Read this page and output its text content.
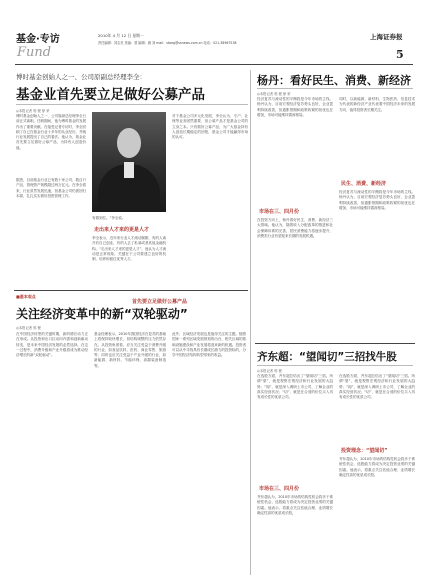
基金·专访
Fund
2010年 4 月 12 日 星期一
责任编辑：刘志亮 美编：曾 编辑：顾 刘 mail：stoeg@ssnews.com.cn 电话：021-38967538
上海证券报
5
博时基金创始人之一、公司原副总经理李全：
基金业首先要立足做好公募产品
◎本报记者 郭 俊 徐 荣
博时基金创始人之一、公司原副总经理李全日前正式离职。任职期间，他为博时基金的发展作出了重要贡献。在接受记者专访时，李全回顾了自己在基金行业十多年的从业经历，并就行业发展提出了自己的看法。他认为，基金业首先要立足做好公募产品，为持有人创造价值。
据悉，目前基金行业已有数十家公司、数百只产品，管理资产规模超过两万亿元。在李全看来，行业虽然发展迅速，但基金公司仍需回归本源，扎扎实实做好投资管理工作。
有做到位。”李全说。
走出来人才来的更是人才
李全表示，近年来行业人才流动频繁，有的人离开后自己创业，有的人去了私募或者其他金融机构。“走出来人才来的更是人才”，他认为人才流动是正常现象，关键在于公司要建立良好的机制，培养和留住优秀人才。
对于基金公司多元化发展，李全认为，专户、社保等业务固然重要，但公募产品才是基金公司的立身之本。只有做好公募产品，为广大基金持有人创造长期稳定的回报，基金公司才能赢得市场的认可。
首先要立足做好公募产品
■基本观点
关注经济变革中的新“双轮驱动”
◎本报记者 郭 俊
在中国经济转型的关键时期，新的增长动力正在形成。从投资和出口拉动向内需和创新驱动转变，是未来中国经济发展的必然选择。在这一过程中，消费升级和产业升级将成为推动经济增长的新“双轮驱动”。
基金经理表示，2010年我国经济在复苏的基础上将保持较快增长，但结构调整的压力依然存在。从投资角度看，应当关注受益于消费升级的行业，如食品饮料、医药、商业零售、旅游等；同时也应关注受益于产业升级的行业，如新能源、新材料、节能环保、高端装备制造等。
此外，区域经济发展也是值得关注的主题。随着国家一系列区域发展规划的出台，相关区域的基础设施建设和产业发展将迎来新的机遇。投资者可以从中寻找具有长期成长潜力的投资标的，分享中国经济结构转型带来的收益。
杨丹：看好民生、消费、新经济
◎本报记者 郭 俊 徐 荣
经济复苏与流动性的平衡将是今年市场的主线。杨丹认为，目前宏观经济复苏势头良好，企业盈利持续改善，但通胀预期和政策收紧的担忧也在增加，市场可能维持震荡格局。
市场在三、四月份
在投资方向上，杨丹看好民生、消费、新经济三大领域。他认为，随着收入分配改革的推进和社会保障体系的完善，居民消费能力将逐步提升，消费类行业有望迎来长期的发展机遇。
同时，以新能源、新材料、生物医药、信息技术为代表的新经济产业代表着中国经济未来的发展方向，值得投资者长期关注。
民生、消费、新经济
经济复苏与流动性的平衡将是今年市场的主线。杨丹认为，目前宏观经济复苏势头良好，企业盈利持续改善，但通胀预期和政策收紧的担忧也在增加，市场可能维持震荡格局。
齐东超：“望闻切”三招找牛股
◎本报记者 郭 俊
在选股方面，齐东超总结出了“望闻切”三招。所谓“望”，就是观察宏观经济和行业发展的大趋势；“闻”，就是深入调研上市公司，了解企业的真实经营状况；“切”，就是在合适的价位买入具有成长性的优质公司。
市场在三、四月份
齐东超认为，2010年市场的结构性机会将多于系统性机会，选股能力将成为决定投资业绩的关键因素。他表示，将重点关注估值合理、业绩增长确定性高的优质成长股。
在选股方面，齐东超总结出了“望闻切”三招。所谓“望”，就是观察宏观经济和行业发展的大趋势；“闻”，就是深入调研上市公司，了解企业的真实经营状况；“切”，就是在合适的价位买入具有成长性的优质公司。
投资理念：“望闻切”
齐东超认为，2010年市场的结构性机会将多于系统性机会，选股能力将成为决定投资业绩的关键因素。他表示，将重点关注估值合理、业绩增长确定性高的优质成长股。
